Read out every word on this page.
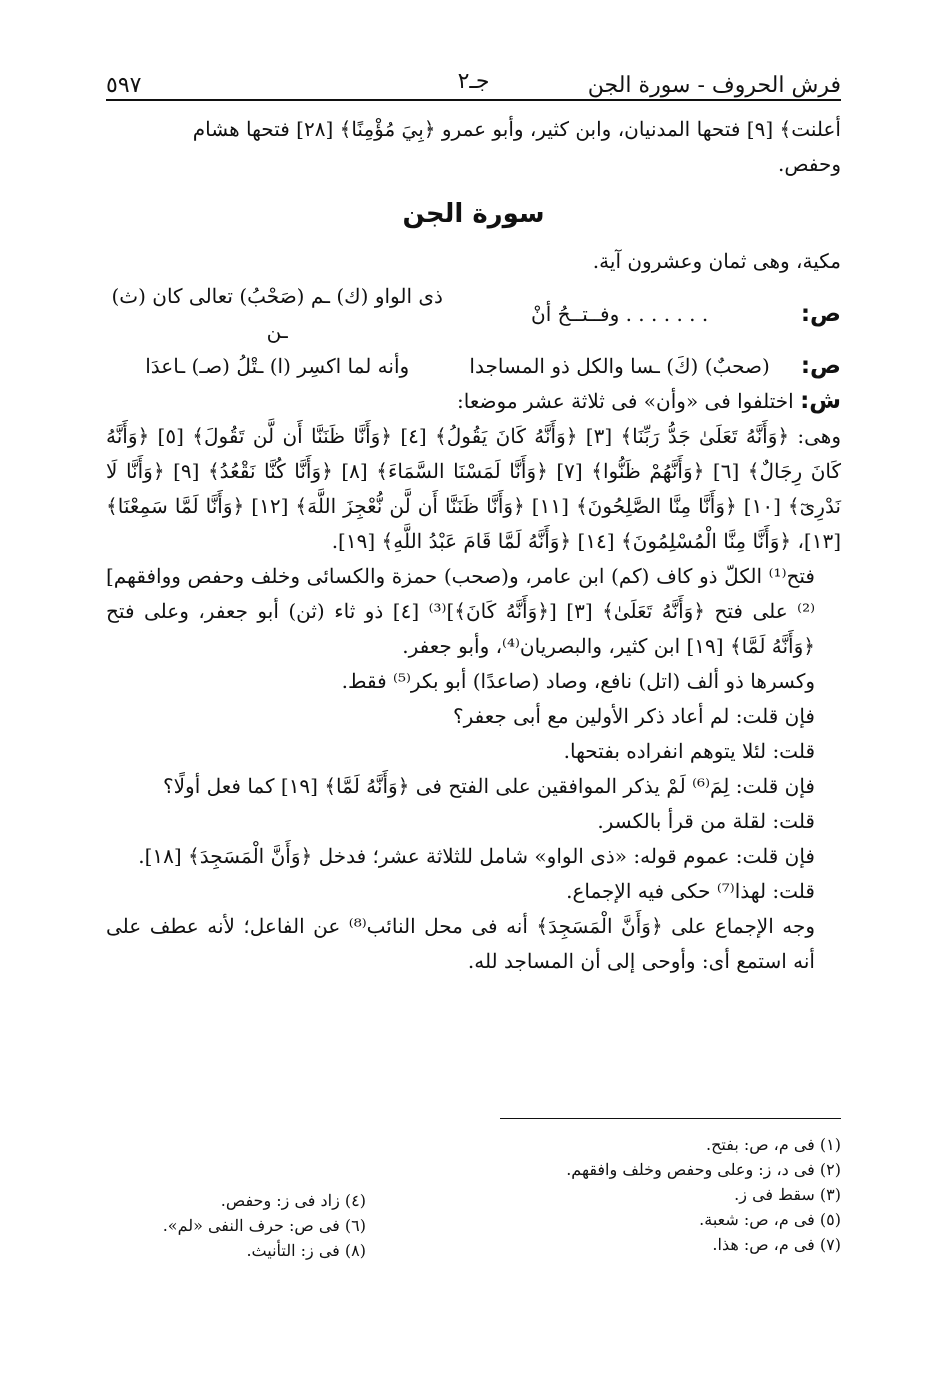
فرش الحروف - سورة الجن
جـ٢
٥٩٧

أعلنت﴾ [٩] فتحها المدنيان، وابن كثير، وأبو عمرو ﴿بِيَ مُؤْمِنًا﴾ [٢٨] فتحها هشام

وحفص.

سورة الجن

مكية، وهى ثمان وعشرون آية.

ص:
. . . . . . . وفــتــحُ أنْ
ذى الواو (ك) ـم (صَحْبُ) تعالى كان (ث) ـن
ص:
(صحبٌ) (كَ) ـسا والكل ذو المساجدا
وأنه لما اكسِر (ا) ـتْلُ (صـ) ـاعدَا

ش: اختلفوا فى «وأن» فى ثلاثة عشر موضعا:

وهى: ﴿وَأَنَّهُ تَعَلَىٰ جَدُّ رَبِّنَا﴾ [٣] ﴿وَأَنَّهُ كَانَ يَقُولُ﴾ [٤] ﴿وَأَنَّا ظَنَنَّا أَن لَّن تَقُولَ﴾ [٥] ﴿وَأَنَّهُ كَانَ رِجَالٌ﴾ [٦] ﴿وَأَنَّهُمْ ظَنُّوا﴾ [٧] ﴿وَأَنَّا لَمَسْنَا السَّمَاءَ﴾ [٨] ﴿وَأَنَّا كُنَّا نَقْعُدُ﴾ [٩] ﴿وَأَنَّا لَا نَدْرِىٓ﴾ [١٠] ﴿وَأَنَّا مِنَّا الصَّلِحُونَ﴾ [١١] ﴿وَأَنَّا ظَنَنَّا أَن لَّن نُّعْجِزَ اللَّهَ﴾ [١٢] ﴿وَأَنَّا لَمَّا سَمِعْنَا﴾ [١٣]، ﴿وَأَنَّا مِنَّا الْمُسْلِمُونَ﴾ [١٤] ﴿وَأَنَّهُ لَمَّا قَامَ عَبْدُ اللَّهِ﴾ [١٩].

فتح⁽¹⁾ الكلّ ذو كاف (كم) ابن عامر، و(صحب) حمزة والكسائى وخلف وحفص ووافقهم]⁽²⁾ على فتح ﴿وَأَنَّهُ تَعَلَىٰ﴾ [٣] [﴿وَأَنَّهُ كَانَ﴾]⁽³⁾ [٤] ذو ثاء (ثن) أبو جعفر، وعلى فتح ﴿وَأَنَّهُ لَمَّا﴾ [١٩] ابن كثير، والبصريان⁽⁴⁾، وأبو جعفر.

وكسرها ذو ألف (اتل) نافع، وصاد (صاعدًا) أبو بكر⁽⁵⁾ فقط.

فإن قلت: لم أعاد ذكر الأولين مع أبى جعفر؟

قلت: لئلا يتوهم انفراده بفتحها.

فإن قلت: لِمَ⁽⁶⁾ لَمْ يذكر الموافقين على الفتح فى ﴿وَأَنَّهُ لَمَّا﴾ [١٩] كما فعل أولًا؟

قلت: لقلة من قرأ بالكسر.

فإن قلت: عموم قوله: «ذى الواو» شامل للثلاثة عشر؛ فدخل ﴿وَأَنَّ الْمَسَجِدَ﴾ [١٨].

قلت: لهذا⁽⁷⁾ حكى فيه الإجماع.

وجه الإجماع على ﴿وَأَنَّ الْمَسَجِدَ﴾ أنه فى محل النائب⁽⁸⁾ عن الفاعل؛ لأنه عطف على أنه استمع أى: وأوحى إلى أن المساجد لله.

(١) فى م، ص: بفتح.
(٢) فى د، ز: وعلى وحفص وخلف وافقهم.
(٣) سقط فى ز.
(٥) فى م، ص: شعبة.
(٧) فى م، ص: هذا.
(٤) زاد فى ز: وحفص.
(٦) فى ص: حرف النفى «لم».
(٨) فى ز: التأنيث.
